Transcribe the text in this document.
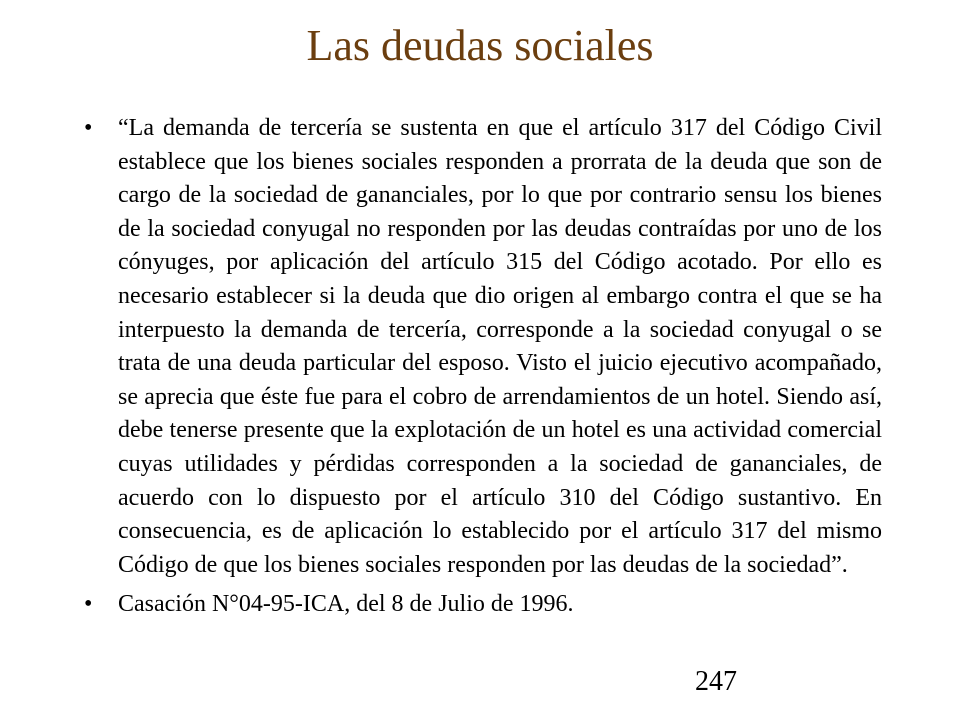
Las deudas sociales
• “La demanda de tercería se sustenta en que el artículo 317 del Código Civil establece que los bienes sociales responden a prorrata de la deuda que son de cargo de la sociedad de gananciales, por lo que por contrario sensu los bienes de la sociedad conyugal no responden por las deudas contraídas por uno de los cónyuges, por aplicación del artículo 315 del Código acotado. Por ello es necesario establecer si la deuda que dio origen al embargo contra el que se ha interpuesto la demanda de tercería, corresponde a la sociedad conyugal o se trata de una deuda particular del esposo. Visto el juicio ejecutivo acompañado, se aprecia que éste fue para el cobro de arrendamientos de un hotel. Siendo así, debe tenerse presente que la explotación de un hotel es una actividad comercial cuyas utilidades y pérdidas corresponden a la sociedad de gananciales, de acuerdo con lo dispuesto por el artículo 310 del Código sustantivo. En consecuencia, es de aplicación lo establecido por el artículo 317 del mismo Código de que los bienes sociales responden por las deudas de la sociedad”.
• Casación N°04-95-ICA, del 8 de Julio de 1996.
247
